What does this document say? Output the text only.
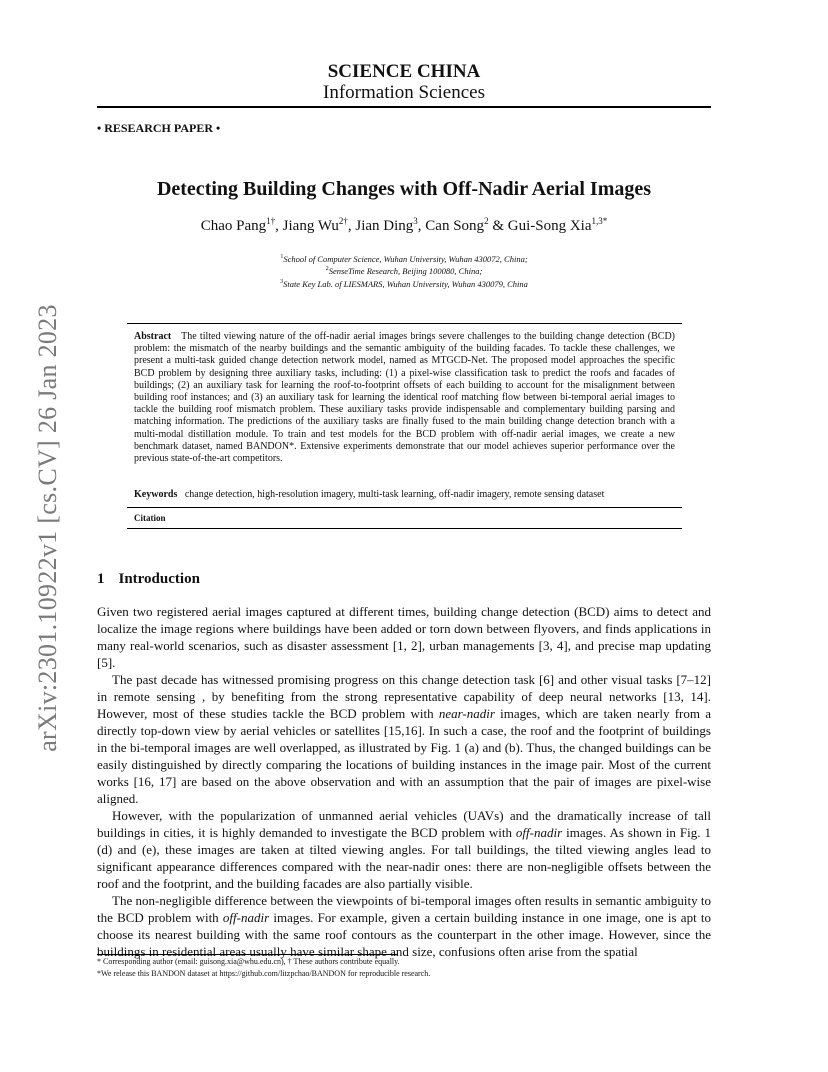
arXiv:2301.10922v1 [cs.CV] 26 Jan 2023
SCIENCE CHINA
Information Sciences
• RESEARCH PAPER •
Detecting Building Changes with Off-Nadir Aerial Images
Chao Pang$^{1\dagger}$, Jiang $Wu^{2\dagger}$, Jian Ding$^3$, Can Song$^2$ & Gui-Song Xia$^{1,3*}$
$^1$School of Computer Science, Wuhan University, Wuhan 430072, China;
$^2$SenseTime Research, Beijing 100080, China;
$^3$State Key Lab. of LIESMARS, Wuhan University, Wuhan 430079, China
Abstract The tilted viewing nature of the off-nadir aerial images brings severe challenges to the building change detection (BCD) problem: the mismatch of the nearby buildings and the semantic ambiguity of the building facades. To tackle these challenges, we present a multi-task guided change detection network model, named as MTGCD-Net. The proposed model approaches the specific BCD problem by designing three auxiliary tasks, including: (1) a pixel-wise classification task to predict the roofs and facades of buildings; (2) an auxiliary task for learning the roof-to-footprint offsets of each building to account for the misalignment between building roof instances; and (3) an auxiliary task for learning the identical roof matching flow between bi-temporal aerial images to tackle the building roof mismatch problem. These auxiliary tasks provide indispensable and complementary building parsing and matching information. The predictions of the auxiliary tasks are finally fused to the main building change detection branch with a multi-modal distillation module. To train and test models for the BCD problem with off-nadir aerial images, we create a new benchmark dataset, named BANDON*. Extensive experiments demonstrate that our model achieves superior performance over the previous state-of-the-art competitors.
Keywords change detection, high-resolution imagery, multi-task learning, off-nadir imagery, remote sensing dataset
Citation
1 Introduction

Given two registered aerial images captured at different times, building change detection (BCD) aims to detect and localize the image regions where buildings have been added or torn down between flyovers, and finds applications in many real-world scenarios, such as disaster assessment [1, 2], urban managements [3, 4], and precise map updating [5].

The past decade has witnessed promising progress on this change detection task [6] and other visual tasks [7–12] in remote sensing , by benefiting from the strong representative capability of deep neural networks [13, 14]. However, most of these studies tackle the BCD problem with near-nadir images, which are taken nearly from a directly top-down view by aerial vehicles or satellites [15,16]. In such a case, the roof and the footprint of buildings in the bi-temporal images are well overlapped, as illustrated by Fig. 1 (a) and (b). Thus, the changed buildings can be easily distinguished by directly comparing the locations of building instances in the image pair. Most of the current works [16, 17] are based on the above observation and with an assumption that the pair of images are pixel-wise aligned.

However, with the popularization of unmanned aerial vehicles (UAVs) and the dramatically increase of tall buildings in cities, it is highly demanded to investigate the BCD problem with off-nadir images. As shown in Fig. 1 (d) and (e), these images are taken at tilted viewing angles. For tall buildings, the tilted viewing angles lead to significant appearance differences compared with the near-nadir ones: there are non-negligible offsets between the roof and the footprint, and the building facades are also partially visible.

The non-negligible difference between the viewpoints of bi-temporal images often results in semantic ambiguity to the BCD problem with off-nadir images. For example, given a certain building instance in one image, one is apt to choose its nearest building with the same roof contours as the counterpart in the other image. However, since the buildings in residential areas usually have similar shape and size, confusions often arise from the spatial

* Corresponding author (email: guisong.xia@whu.edu.cn), † These authors contribute equally.
*We release this BANDON dataset at https://github.com/litzpchao/BANDON for reproducible research.
